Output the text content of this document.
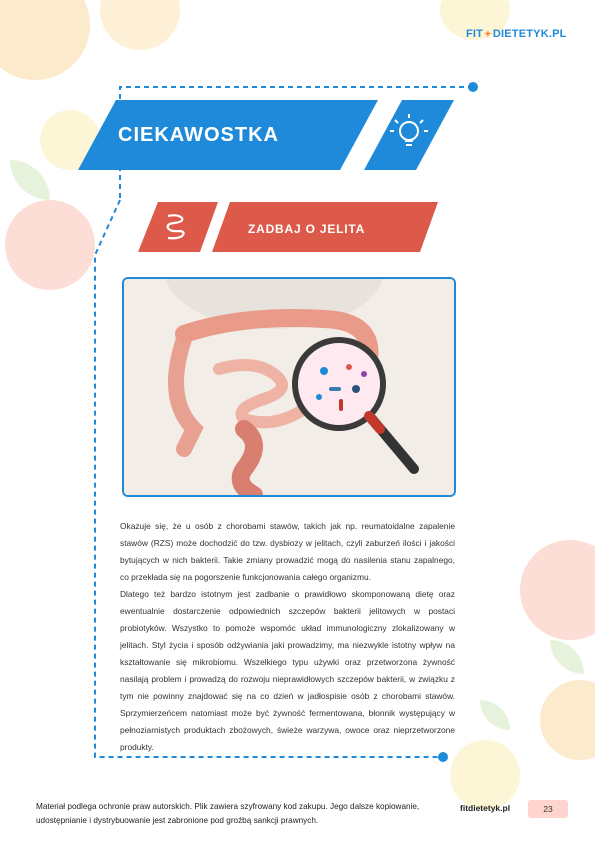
FIT ✦ DIETETYK.PL
CIEKAWOSTKA
ZADBAJ O JELITA

Okazuje się, że u osób z chorobami stawów, takich jak np. reumatoidalne zapalenie stawów (RZS) może dochodzić do tzw. dysbiozy w jelitach, czyli zaburzeń ilości i jakości bytujących w nich bakterii. Takie zmiany prowadzić mogą do nasilenia stanu zapalnego, co przekłada się na pogorszenie funkcjonowania całego organizmu.

Dlatego też bardzo istotnym jest zadbanie o prawidłowo skomponowaną dietę oraz ewentualnie dostarczenie odpowiednich szczepów bakterii jelitowych w postaci probiotyków. Wszystko to pomoże wspomóc układ immunologiczny zlokalizowany w jelitach. Styl życia i sposób odżywiania jaki prowadzimy, ma niezwykle istotny wpływ na kształtowanie się mikrobiomu. Wszelkiego typu używki oraz przetworzona żywność nasilają problem i prowadzą do rozwoju nieprawidłowych szczepów bakterii, w związku z tym nie powinny znajdować się na co dzień w jadłospisie osób z chorobami stawów. Sprzymierzeńcem natomiast może być żywność fermentowana, błonnik występujący w pełnoziarnistych produktach zbożowych, świeże warzywa, owoce oraz nieprzetworzone produkty.

Materiał podlega ochronie praw autorskich. Plik zawiera szyfrowany kod zakupu. Jego dalsze kopiowanie, udostępnianie i dystrybuowanie jest zabronione pod groźbą sankcji prawnych.
fitdietetyk.pl	23
